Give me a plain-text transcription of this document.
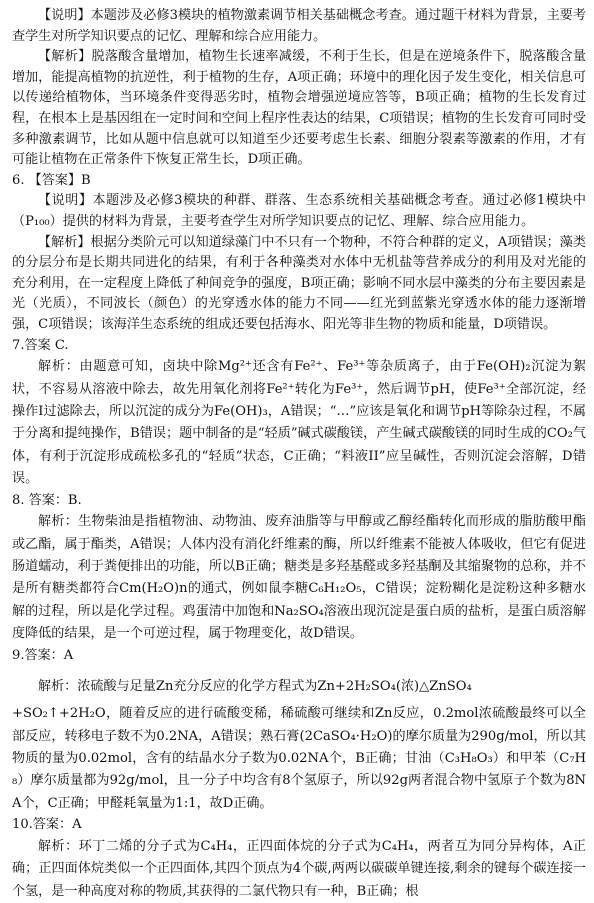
【说明】本题涉及必修3模块的植物激素调节相关基础概念考查。通过题干材料为背景，主要考查学生对所学知识要点的记忆、理解和综合应用能力。

【解析】脱落酸含量增加，植物生长速率减缓，不利于生长，但是在逆境条件下，脱落酸含量增加，能提高植物的抗逆性，利于植物的生存，A项正确；环境中的理化因子发生变化，相关信息可以传递给植物体，当环境条件变得恶劣时，植物会增强逆境应答等，B项正确；植物的生长发育过程，在根本上是基因组在一定时间和空间上程序性表达的结果，C项错误；植物的生长发育可同时受多种激素调节，比如从题中信息就可以知道至少还要考虑生长素、细胞分裂素等激素的作用，才有可能让植物在正常条件下恢复正常生长，D项正确。

6. 【答案】B

【说明】本题涉及必修3模块的种群、群落、生态系统相关基础概念考查。通过必修1模块中（P₁₀₀）提供的材料为背景，主要考查学生对所学知识要点的记忆、理解、综合应用能力。

【解析】根据分类阶元可以知道绿藻门中不只有一个物种，不符合种群的定义，A项错误；藻类的分层分布是长期共同进化的结果，有利于各种藻类对水体中无机盐等营养成分的利用及对光能的充分利用，在一定程度上降低了种间竞争的强度，B项正确；影响不同水层中藻类的分布主要因素是光（光质），不同波长（颜色）的光穿透水体的能力不同——红光到蓝紫光穿透水体的能力逐渐增强，C项错误；该海洋生态系统的组成还要包括海水、阳光等非生物的物质和能量，D项错误。

7.答案 C.

解析：由题意可知，卤块中除Mg²⁺还含有Fe²⁺、Fe³⁺等杂质离子，由于Fe(OH)₂沉淀为絮状，不容易从溶液中除去，故先用氧化剂将Fe²⁺转化为Fe³⁺，然后调节pH，使Fe³⁺全部沉淀，经操作I过滤除去，所以沉淀的成分为Fe(OH)₃，A错误；“…”应该是氧化和调节pH等除杂过程，不属于分离和提纯操作，B错误；题中制备的是“轻质”碱式碳酸镁，产生碱式碳酸镁的同时生成的CO₂气体，有利于沉淀形成疏松多孔的“轻质”状态，C正确；“料液II”应呈碱性，否则沉淀会溶解，D错误。

8. 答案：B.

解析：生物柴油是指植物油、动物油、废弃油脂等与甲醇或乙醇经酯转化而形成的脂肪酸甲酯或乙酯，属于酯类，A错误；人体内没有消化纤维素的酶，所以纤维素不能被人体吸收，但它有促进肠道蠕动，利于粪便排出的功能，所以B正确；糖类是多羟基醛或多羟基酮及其缩聚物的总称，并不是所有糖类都符合Cm(H₂O)n的通式，例如鼠李糖C₆H₁₂O₅，C错误；淀粉糊化是淀粉这种多糖水解的过程，所以是化学过程。鸡蛋清中加饱和Na₂SO₄溶液出现沉淀是蛋白质的盐析，是蛋白质溶解度降低的结果，是一个可逆过程，属于物理变化，故D错误。

9.答案：A

解析：浓硫酸与足量Zn充分反应的化学方程式为Zn+2H₂SO₄(浓)△ZnSO₄

+SO₂↑+2H₂O，随着反应的进行硫酸变稀，稀硫酸可继续和Zn反应，0.2mol浓硫酸最终可以全部反应，转移电子数不为0.2NA，A错误；熟石膏(2CaSO₄·H₂O)的摩尔质量为290g/mol，所以其物质的量为0.02mol，含有的结晶水分子数为0.02NA个，B正确；甘油（C₃H₈O₃）和甲苯（C₇H₈）摩尔质量都为92g/mol，且一分子中均含有8个氢原子，所以92g两者混合物中氢原子个数为8NA个，C正确；甲醛耗氧量为1:1，故D正确。

10.答案：A

解析：环丁二烯的分子式为C₄H₄，正四面体烷的分子式为C₄H₄，两者互为同分异构体，A正确；正四面体烷类似一个正四面体,其四个顶点为4个碳,两两以碳碳单键连接,剩余的键每个碳连接一个氢，是一种高度对称的物质,其获得的二氯代物只有一种，B正确；根
